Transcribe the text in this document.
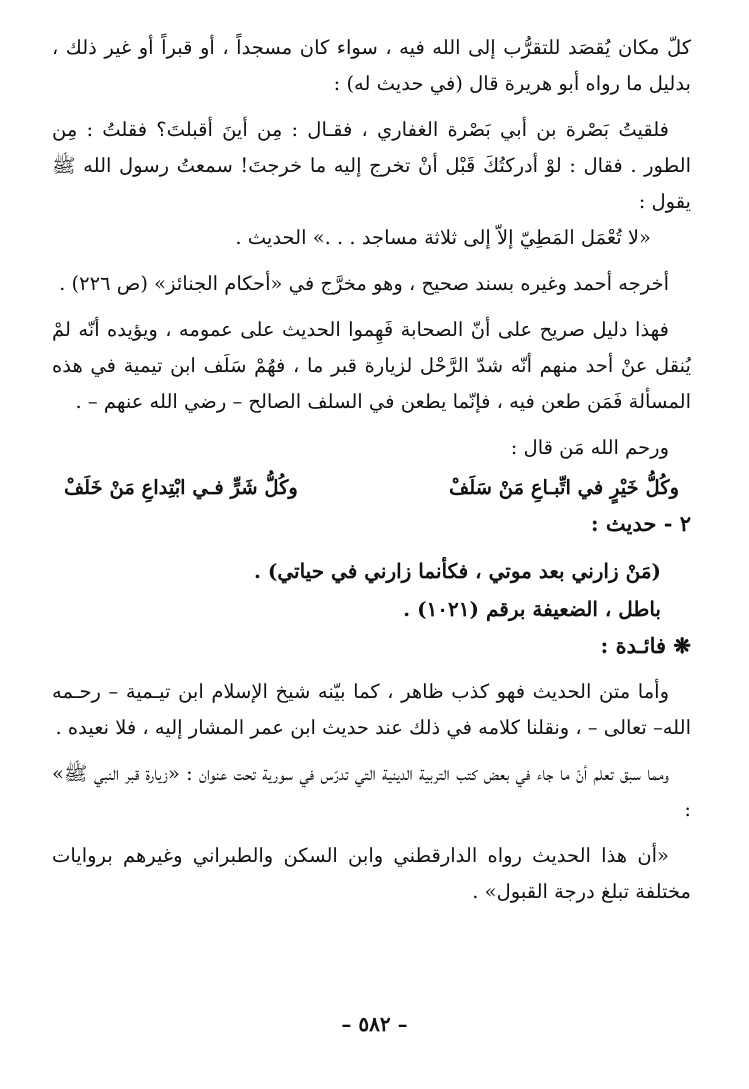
كلّ مكان يُقصَد للتقرُّب إلى الله فيه ، سواء كان مسجداً ، أو قبراً أو غير ذلك ، بدليل ما رواه أبو هريرة قال (في حديث له) :

فلقيتُ بَصْرة بن أبي بَصْرة الغفاري ، فقـال : مِن أينَ أقبلتَ؟ فقلتُ : مِن الطور . فقال : لوْ أدركتُكَ قَبْل أنْ تخرج إليه ما خرجتَ! سمعتُ رسول الله ﷺ يقول :

«لا تُعْمَل المَطِيّ إلاّ إلى ثلاثة مساجد . . .» الحديث .

أخرجه أحمد وغيره بسند صحيح ، وهو مخرَّج في «أحكام الجنائز» (ص ٢٢٦) .

فهذا دليل صريح على أنّ الصحابة فَهِموا الحديث على عمومه ، ويؤيده أنّه لمْ يُنقل عنْ أحد منهم أنّه شدّ الرَّحْل لزيارة قبر ما ، فهُمْ سَلَف ابن تيمية في هذه المسألة فَمَن طعن فيه ، فإنّما يطعن في السلف الصالح – رضي الله عنهم – .

ورحم الله مَن قال :

وكُلُّ خَيْرٍ في اتِّبـاعِ مَنْ سَلَفْ
وكُلُّ شَرٍّ فـي ابْتِداعِ مَنْ خَلَفْ

٢ - حديث :

(مَنْ زارني بعد موتي ، فكأنما زارني في حياتي) .

باطل ، الضعيفة برقم (١٠٢١) .

❋ فائـدة :

وأما متن الحديث فهو كذب ظاهر ، كما بيّنه شيخ الإسلام ابن تيـمية – رحـمه الله– تعالى – ، ونقلنا كلامه في ذلك عند حديث ابن عمر المشار إليه ، فلا نعيده .

ومما سبق تعلم أنّ ما جاء في بعض كتب التربية الدينية التي تدرّس في سورية تحت عنوان : «زيارة قبر النبي ﷺ» :

«أن هذا الحديث رواه الدارقطني وابن السكن والطبراني وغيرهم بروايات مختلفة تبلغ درجة القبول» .

– ٥٨٢ –
